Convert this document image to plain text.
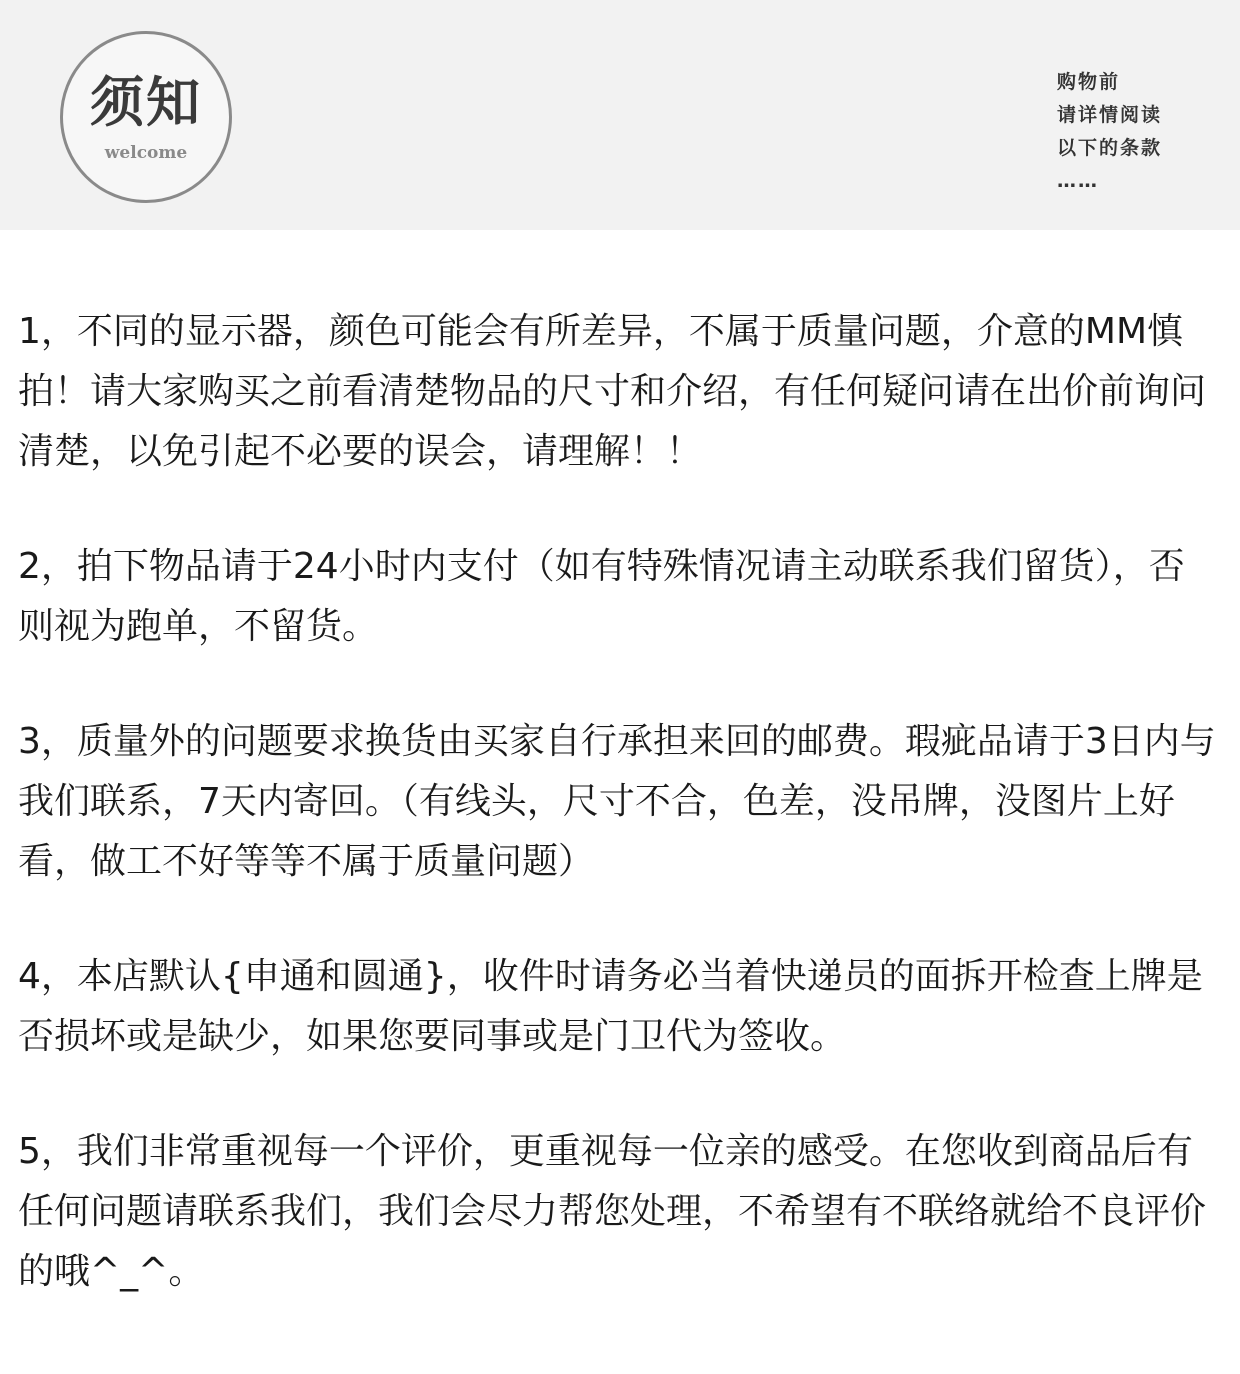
须知
welcome
购物前
请详情阅读
以下的条款
……

1，不同的显示器，颜色可能会有所差异，不属于质量问题，介意的MM慎拍！请大家购买之前看清楚物品的尺寸和介绍，有任何疑问请在出价前询问清楚，以免引起不必要的误会，请理解！！

2，拍下物品请于24小时内支付（如有特殊情况请主动联系我们留货），否则视为跑单，不留货。

3，质量外的问题要求换货由买家自行承担来回的邮费。瑕疵品请于3日内与我们联系，7天内寄回。（有线头，尺寸不合，色差，没吊牌，没图片上好看，做工不好等等不属于质量问题）

4，本店默认{申通和圆通}，收件时请务必当着快递员的面拆开检查上牌是否损坏或是缺少，如果您要同事或是门卫代为签收。

5，我们非常重视每一个评价，更重视每一位亲的感受。在您收到商品后有任何问题请联系我们，我们会尽力帮您处理，不希望有不联络就给不良评价的哦^_^。
